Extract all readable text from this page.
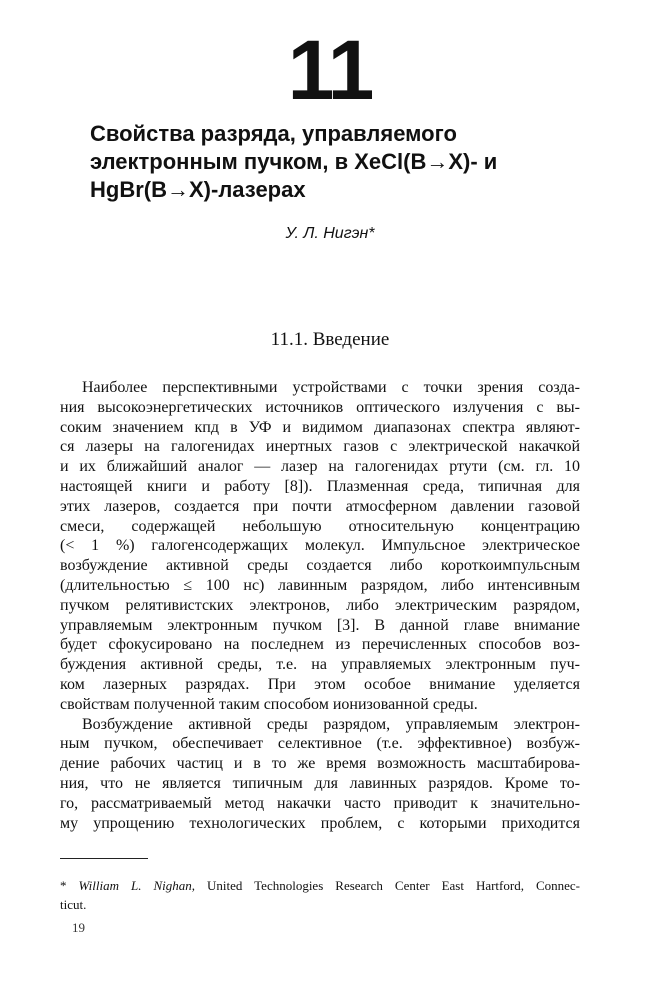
11
Свойства разряда, управляемого
электронным пучком, в XeCl(B→X)- и
HgBr(B→X)-лазерах
У. Л. Нигэн*
11.1. Введение
Наиболее перспективными устройствами с точки зрения созда-
ния высокоэнергетических источников оптического излучения с вы-
соким значением кпд в УФ и видимом диапазонах спектра являют-
ся лазеры на галогенидах инертных газов с электрической накачкой
и их ближайший аналог — лазер на галогенидах ртути (см. гл. 10
настоящей книги и работу [8]). Плазменная среда, типичная для
этих лазеров, создается при почти атмосферном давлении газовой
смеси, содержащей небольшую относительную концентрацию
(< 1 %) галогенсодержащих молекул. Импульсное электрическое
возбуждение активной среды создается либо короткоимпульсным
(длительностью ≤ 100 нс) лавинным разрядом, либо интенсивным
пучком релятивистских электронов, либо электрическим разрядом,
управляемым электронным пучком [3]. В данной главе внимание
будет сфокусировано на последнем из перечисленных способов воз-
буждения активной среды, т.е. на управляемых электронным пуч-
ком лазерных разрядах. При этом особое внимание уделяется
свойствам полученной таким способом ионизованной среды.
Возбуждение активной среды разрядом, управляемым электрон-
ным пучком, обеспечивает селективное (т.е. эффективное) возбуж-
дение рабочих частиц и в то же время возможность масштабирова-
ния, что не является типичным для лавинных разрядов. Кроме то-
го, рассматриваемый метод накачки часто приводит к значительно-
му упрощению технологических проблем, с которыми приходится
* William L. Nighan, United Technologies Research Center East Hartford, Connec-
ticut.
19
